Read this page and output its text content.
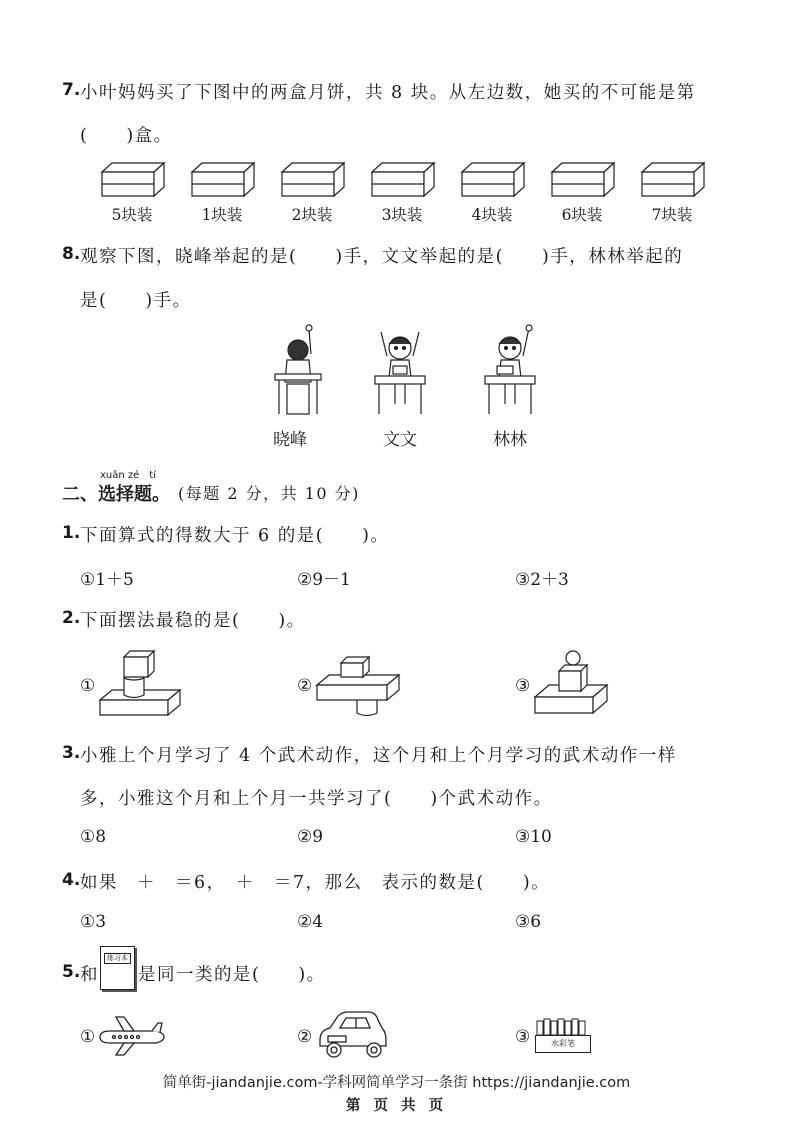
7. 小叶妈妈买了下图中的两盒月饼，共 8 块。从左边数，她买的不可能是第
(　　)盒。
5块装	1块装	2块装	3块装	4块装	6块装	7块装
8. 观察下图，晓峰举起的是(　　)手，文文举起的是(　　)手，林林举起的
是(　　)手。
晓峰	文文	林林
xuǎn zé　tí
二、选择题。 (每题 2 分，共 10 分)
1. 下面算式的得数大于 6 的是(　　)。
①1＋5	②9－1	③2＋3
2. 下面摆法最稳的是(　　)。
①	②	③
3. 小雅上个月学习了 4 个武术动作，这个月和上个月学习的武术动作一样
多，小雅这个月和上个月一共学习了(　　)个武术动作。
①8	②9	③10
4. 如果　＋　＝6，　＋　＝7，那么　表示的数是(　　)。
①3	②4	③6
5. 和
练习本
是同一类的是(　　)。
①	②	③	水彩笔
简单街-jiandanjie.com-学科网简单学习一条街 https://jiandanjie.com
第 页 共 页
